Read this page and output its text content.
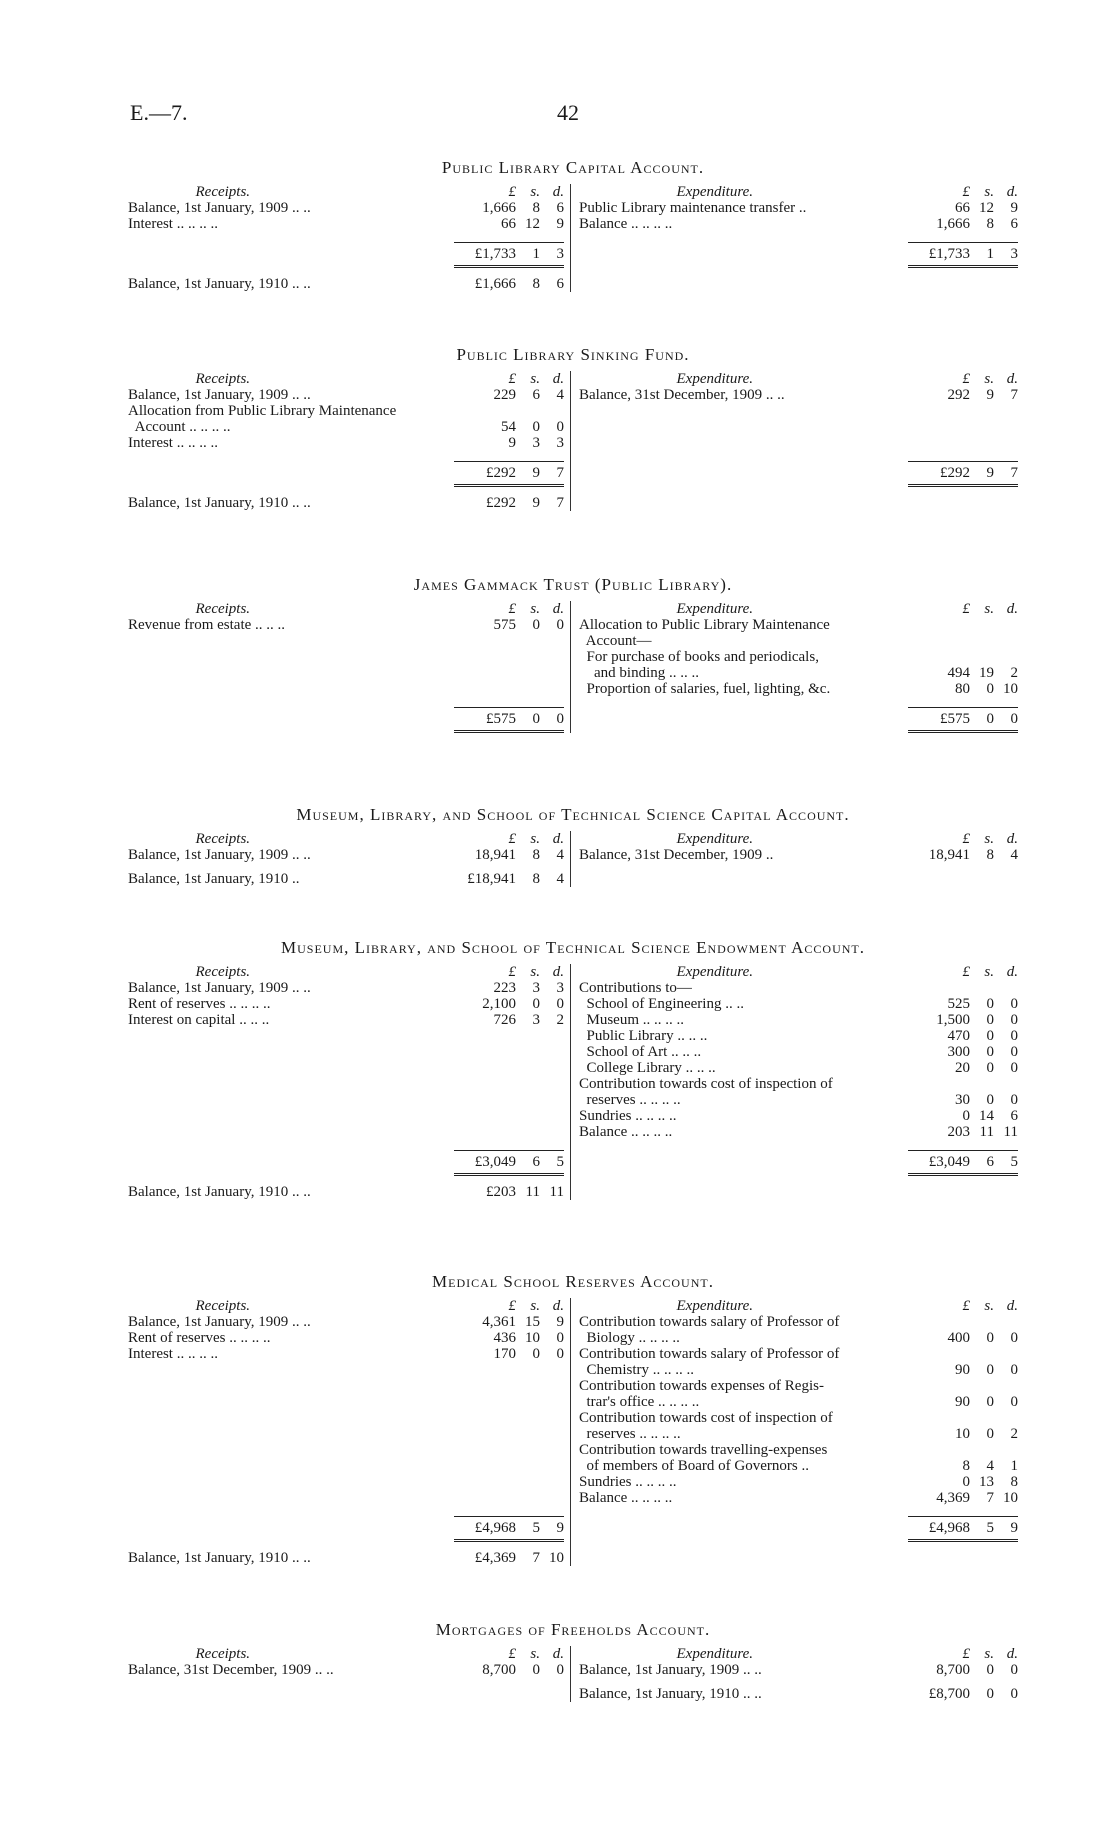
E.—7.	42
Public Library Capital Account.
Receipts.	£ s. d.
Balance, 1st January, 1909 .. ..	1,666	8	6
Interest .. .. .. ..	66 12	9
£1,733	1	3
Balance, 1st January, 1910 .. ..	£1,666	8	6
Expenditure.	£ s. d.
Public Library maintenance transfer ..	66 12	9
Balance .. .. .. ..	1,666	8	6
£1,733	1	3
Public Library Sinking Fund.
Receipts.	£ s. d.
Balance, 1st January, 1909 .. ..	229	6	4
Allocation from Public Library Maintenance
Account .. .. .. ..	54	0	0
Interest .. .. .. ..	9	3	3
£292	9	7
Balance, 1st January, 1910 .. ..	£292	9	7
Expenditure.	£ s. d.
Balance, 31st December, 1909 .. ..	292	9	7
£292	9	7
James Gammack Trust (Public Library).
Receipts.	£ s. d.
Revenue from estate .. .. ..	575	0	0
£575	0	0
Expenditure.	£ s. d.
Allocation to Public Library Maintenance
Account—
For purchase of books and periodicals,
and binding .. .. ..	494 19	2
Proportion of salaries, fuel, lighting, &c.	80	0 10
£575	0	0
Museum, Library, and School of Technical Science Capital Account.
Receipts.	£ s. d.
Balance, 1st January, 1909 .. ..	18,941	8	4
Balance, 1st January, 1910 ..	£18,941	8	4
Expenditure.	£ s. d.
Balance, 31st December, 1909 ..	18,941	8	4
Museum, Library, and School of Technical Science Endowment Account.
Receipts.	£ s. d.
Balance, 1st January, 1909 .. ..	223	3	3
Rent of reserves .. .. .. ..	2,100	0	0
Interest on capital .. .. ..	726	3	2
£3,049	6	5
Balance, 1st January, 1910 .. ..	£203 11 11
Expenditure.	£ s. d.
Contributions to—
School of Engineering .. ..	525	0	0
Museum .. .. .. ..	1,500	0	0
Public Library .. .. ..	470	0	0
School of Art .. .. ..	300	0	0
College Library .. .. ..	20	0	0
Contribution towards cost of inspection of
reserves .. .. .. ..	30	0	0
Sundries .. .. .. ..	0 14	6
Balance .. .. .. ..	203 11 11
£3,049	6	5
Medical School Reserves Account.
Receipts.	£ s. d.
Balance, 1st January, 1909 .. ..	4,361 15	9
Rent of reserves .. .. .. ..	436 10	0
Interest .. .. .. ..	170	0	0
£4,968	5	9
Balance, 1st January, 1910 .. ..	£4,369	7 10
Expenditure.	£ s. d.
Contribution towards salary of Professor of
Biology .. .. .. ..	400	0	0
Contribution towards salary of Professor of
Chemistry .. .. .. ..	90	0	0
Contribution towards expenses of Regis-
trar's office .. .. .. ..	90	0	0
Contribution towards cost of inspection of
reserves .. .. .. ..	10	0	2
Contribution towards travelling-expenses
of members of Board of Governors ..	8	4	1
Sundries .. .. .. ..	0 13	8
Balance .. .. .. ..	4,369	7 10
£4,968	5	9
Mortgages of Freeholds Account.
Receipts.	£ s. d.
Balance, 31st December, 1909 .. ..	8,700	0	0
Expenditure.	£ s. d.
Balance, 1st January, 1909 .. ..	8,700	0	0
Balance, 1st January, 1910 .. ..	£8,700	0	0
